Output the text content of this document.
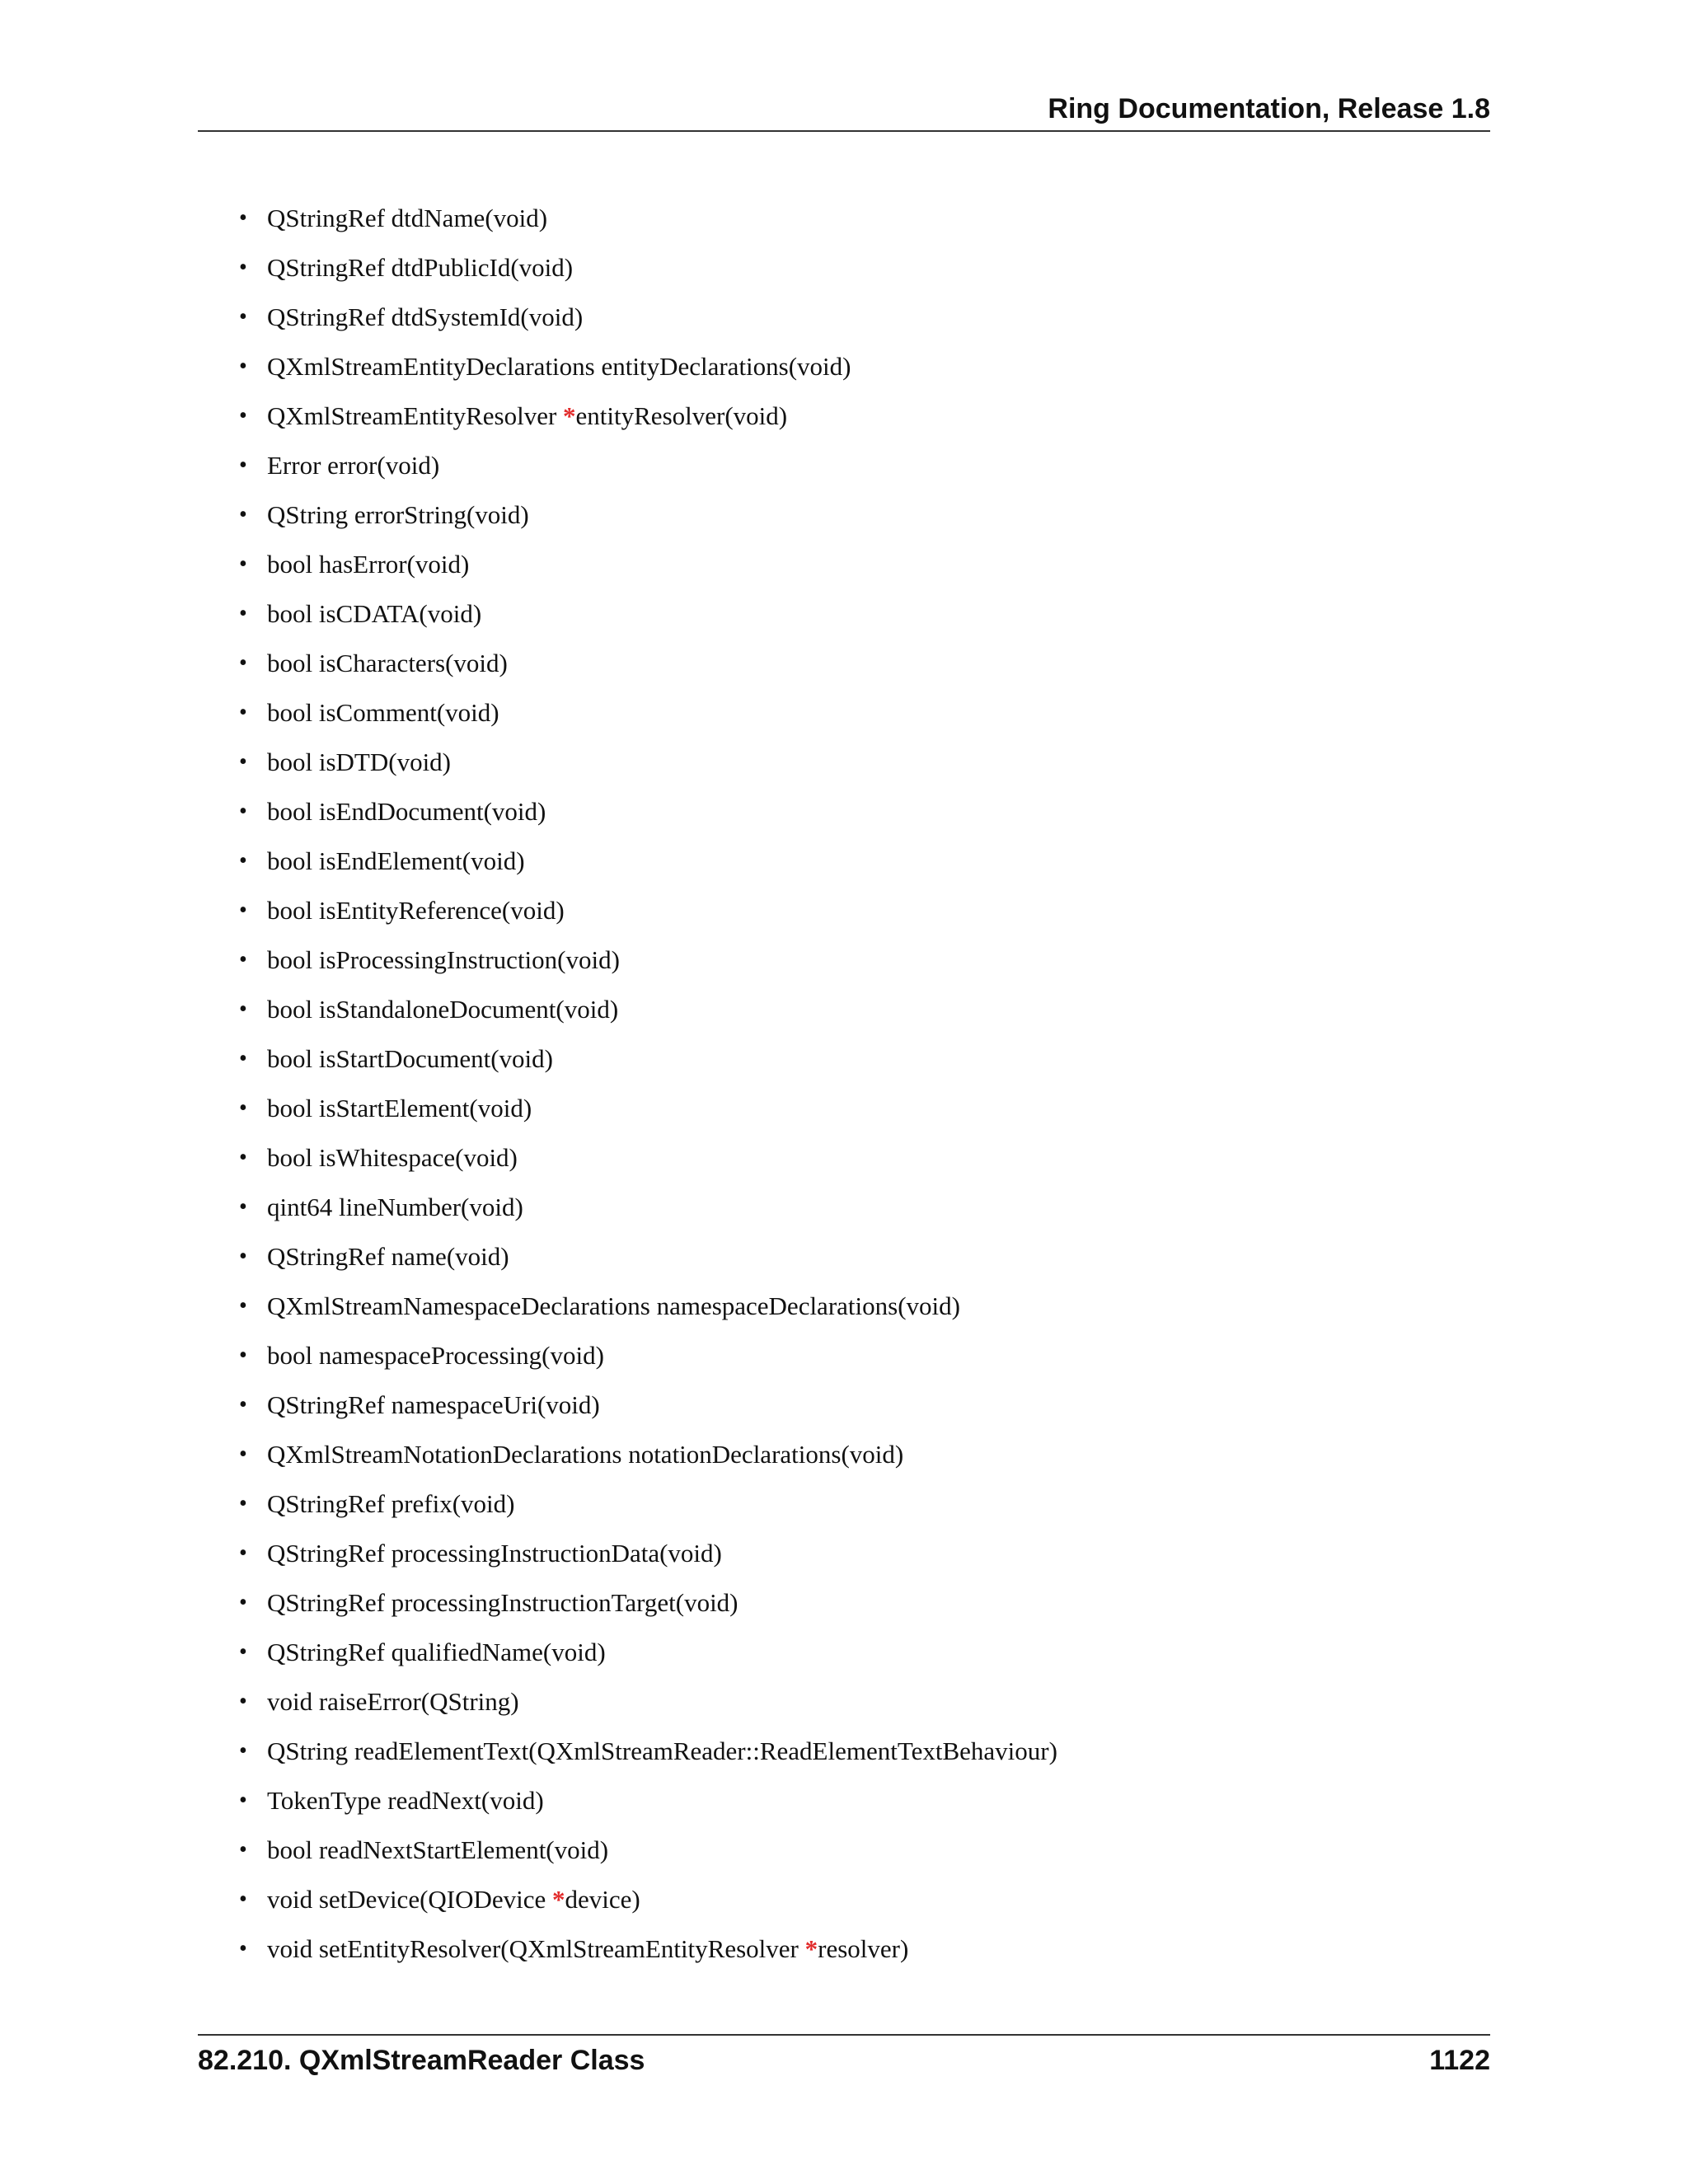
Ring Documentation, Release 1.8
• QStringRef dtdName(void)
• QStringRef dtdPublicId(void)
• QStringRef dtdSystemId(void)
• QXmlStreamEntityDeclarations entityDeclarations(void)
• QXmlStreamEntityResolver *entityResolver(void)
• Error error(void)
• QString errorString(void)
• bool hasError(void)
• bool isCDATA(void)
• bool isCharacters(void)
• bool isComment(void)
• bool isDTD(void)
• bool isEndDocument(void)
• bool isEndElement(void)
• bool isEntityReference(void)
• bool isProcessingInstruction(void)
• bool isStandaloneDocument(void)
• bool isStartDocument(void)
• bool isStartElement(void)
• bool isWhitespace(void)
• qint64 lineNumber(void)
• QStringRef name(void)
• QXmlStreamNamespaceDeclarations namespaceDeclarations(void)
• bool namespaceProcessing(void)
• QStringRef namespaceUri(void)
• QXmlStreamNotationDeclarations notationDeclarations(void)
• QStringRef prefix(void)
• QStringRef processingInstructionData(void)
• QStringRef processingInstructionTarget(void)
• QStringRef qualifiedName(void)
• void raiseError(QString)
• QString readElementText(QXmlStreamReader::ReadElementTextBehaviour)
• TokenType readNext(void)
• bool readNextStartElement(void)
• void setDevice(QIODevice *device)
• void setEntityResolver(QXmlStreamEntityResolver *resolver)
82.210. QXmlStreamReader Class	1122
